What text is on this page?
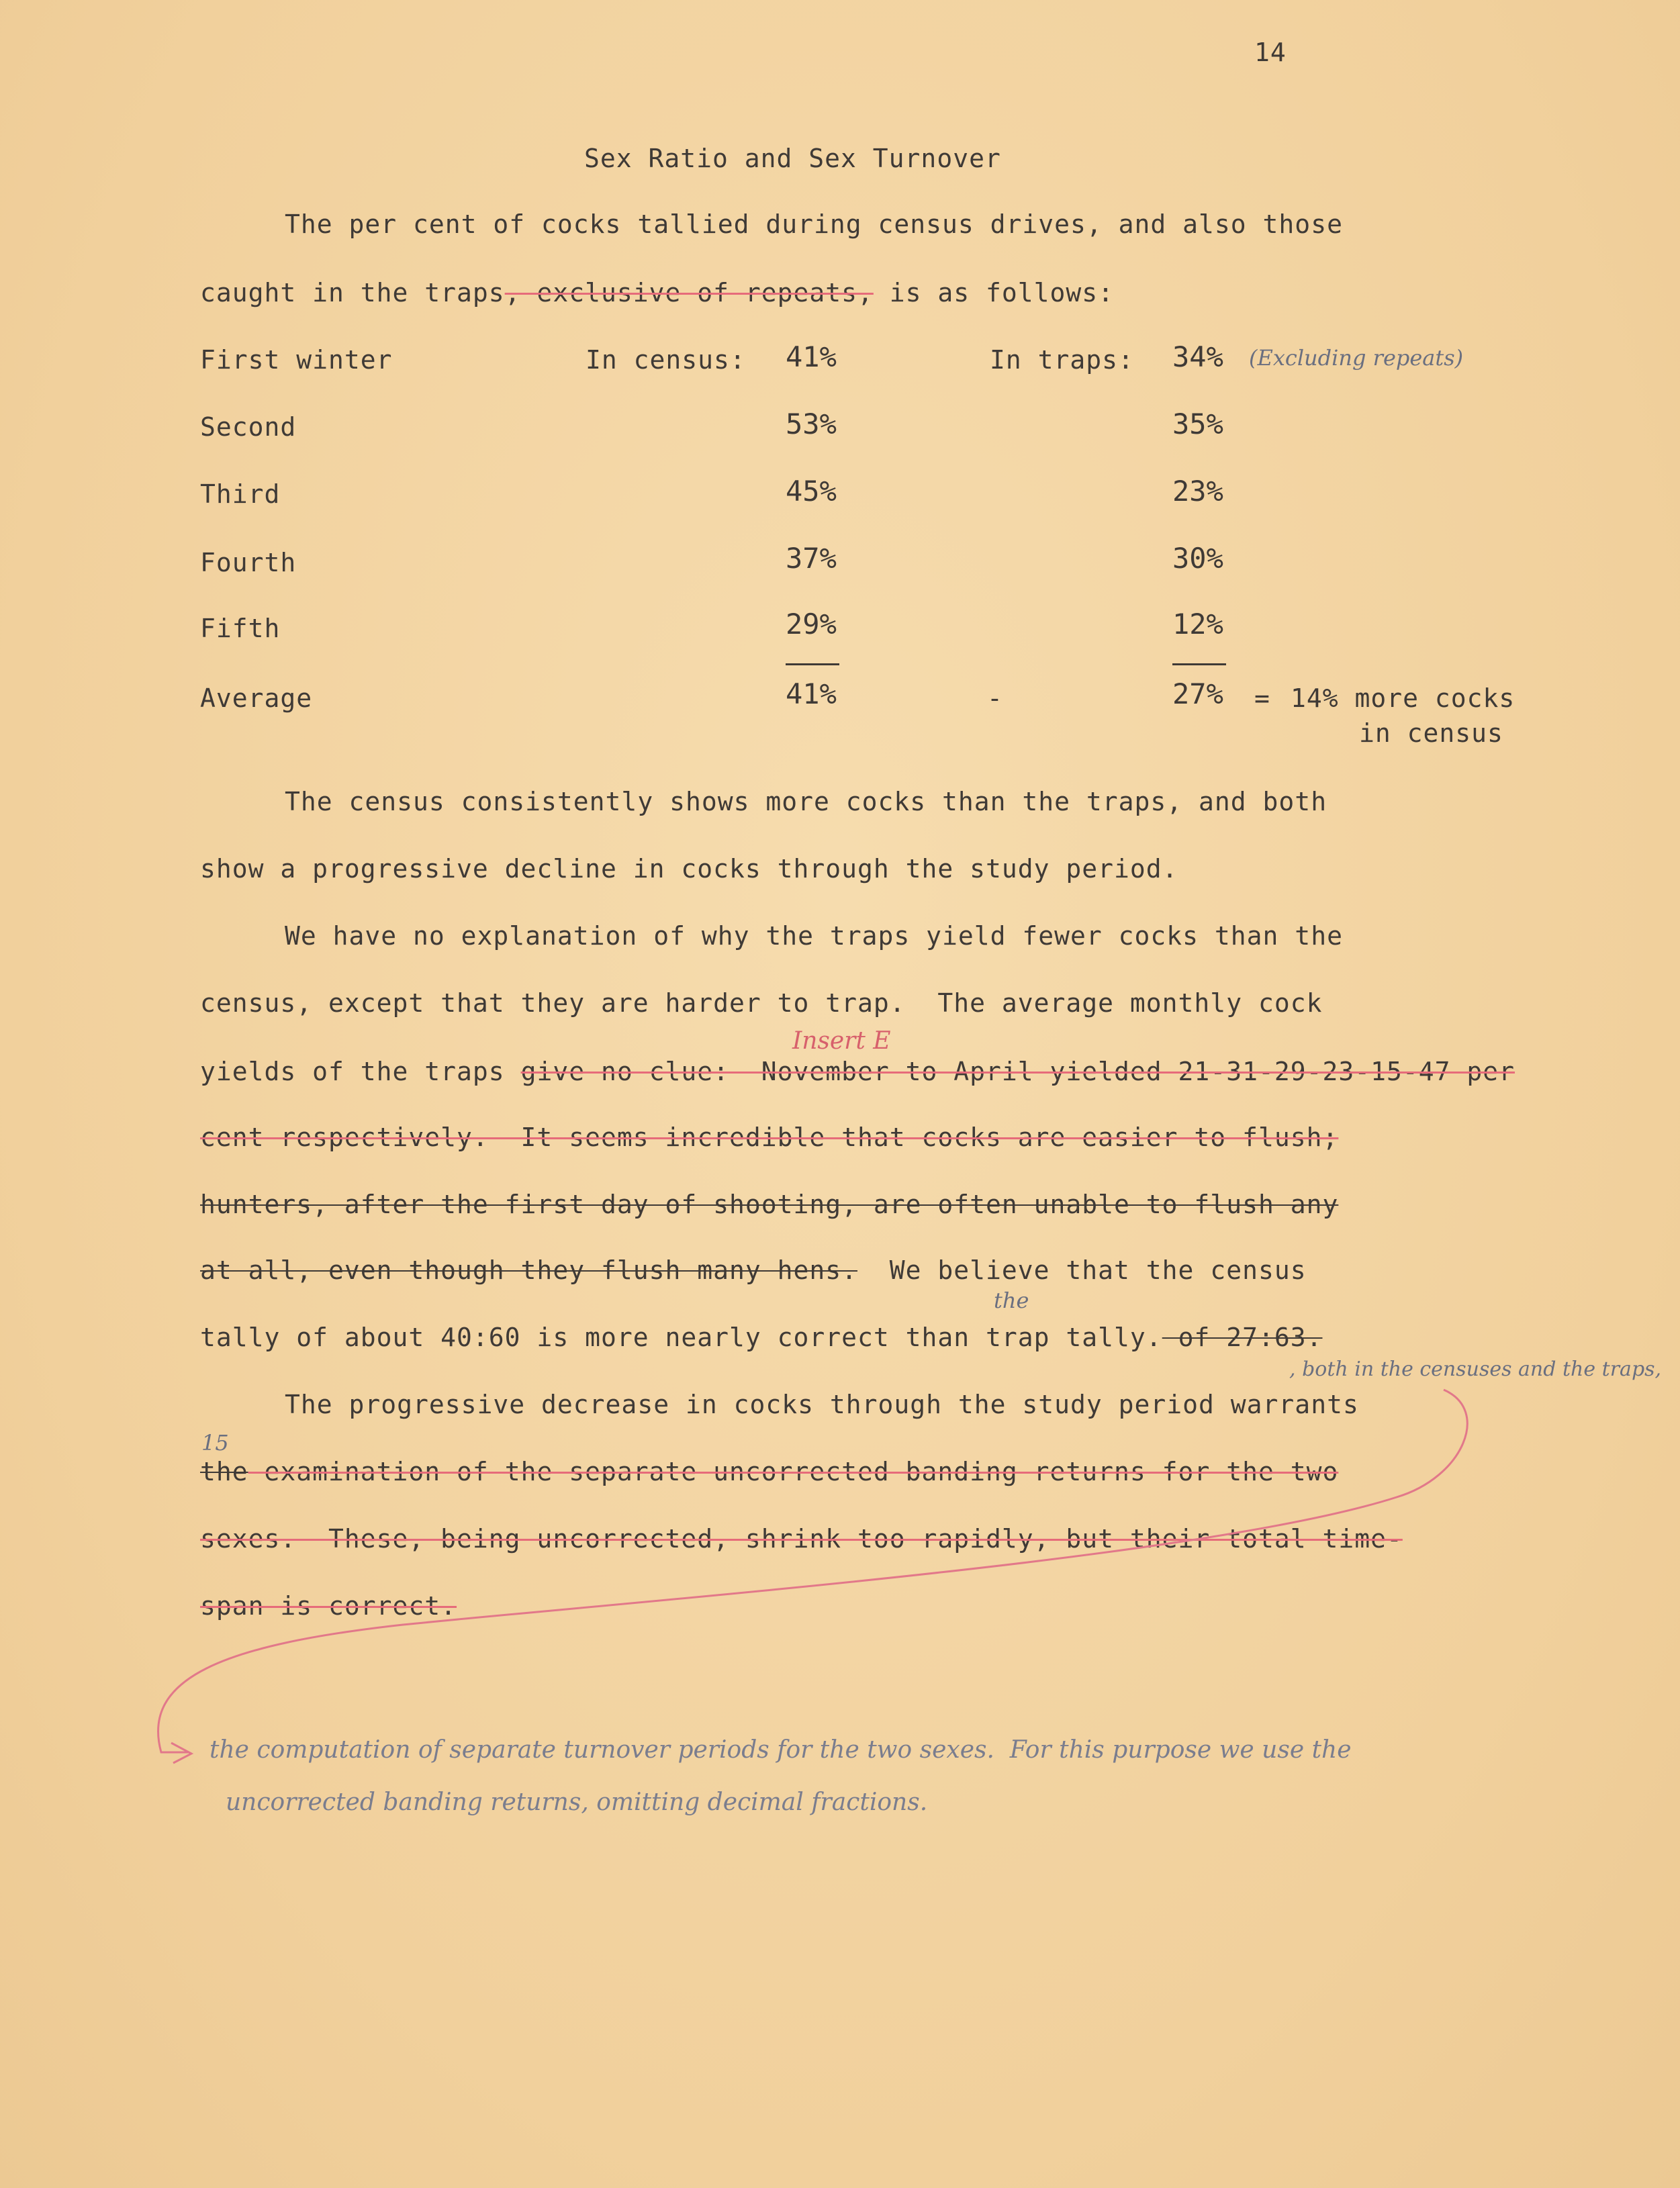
14
Sex Ratio and Sex Turnover
The per cent of cocks tallied during census drives, and also those
caught in the traps, exclusive of repeats, is as follows:
First winter	In census: 41%	In traps: 34% (Excluding repeats)
Second	53%	35%
Third	45%	23%
Fourth	37%	30%
Fifth	29%	12%
Average	41%	-	27% = 14% more cocks
in census
The census consistently shows more cocks than the traps, and both
show a progressive decline in cocks through the study period.
We have no explanation of why the traps yield fewer cocks than the
census, except that they are harder to trap.  The average monthly cock
Insert E
yields of the traps give no clue:  November to April yielded 21-31-29-23-15-47 per
cent respectively.  It seems incredible that cocks are easier to flush;
hunters, after the first day of shooting, are often unable to flush any
at all, even though they flush many hens.  We believe that the census
the
tally of about 40:60 is more nearly correct than trap tally. of 27:63.
, both in the censuses and the traps,
The progressive decrease in cocks through the study period warrants
15
the examination of the separate uncorrected banding returns for the two
sexes.  These, being uncorrected, shrink too rapidly, but their total time-
span is correct.
the computation of separate turnover periods for the two sexes.  For this purpose we use the
uncorrected banding returns, omitting decimal fractions.
